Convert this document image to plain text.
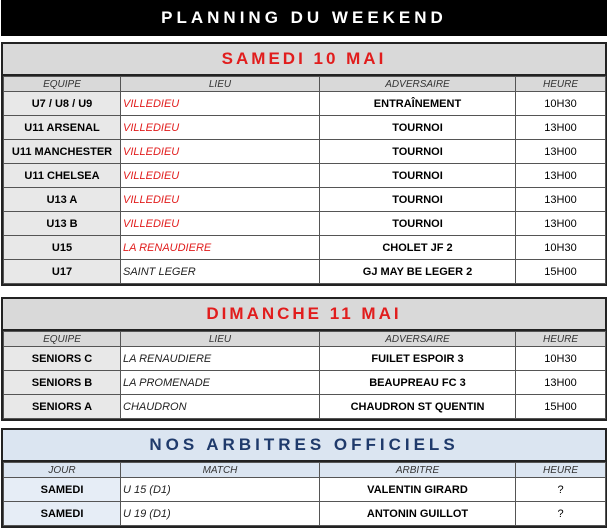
PLANNING DU WEEKEND
SAMEDI 10 MAI
EQUIPE	LIEU	ADVERSAIRE	HEURE
U7 / U8 / U9	VILLEDIEU	ENTRAÎNEMENT	10H30
U11 ARSENAL	VILLEDIEU	TOURNOI	13H00
U11 MANCHESTER	VILLEDIEU	TOURNOI	13H00
U11 CHELSEA	VILLEDIEU	TOURNOI	13H00
U13 A	VILLEDIEU	TOURNOI	13H00
U13 B	VILLEDIEU	TOURNOI	13H00
U15	LA RENAUDIERE	CHOLET JF 2	10H30
U17	SAINT LEGER	GJ MAY BE LEGER 2	15H00
DIMANCHE 11 MAI
EQUIPE	LIEU	ADVERSAIRE	HEURE
SENIORS C	LA RENAUDIERE	FUILET ESPOIR 3	10H30
SENIORS B	LA PROMENADE	BEAUPREAU FC 3	13H00
SENIORS A	CHAUDRON	CHAUDRON ST QUENTIN	15H00
NOS ARBITRES OFFICIELS
JOUR	MATCH	ARBITRE	HEURE
SAMEDI	U 15 (D1)	VALENTIN GIRARD	?
SAMEDI	U 19 (D1)	ANTONIN GUILLOT	?
